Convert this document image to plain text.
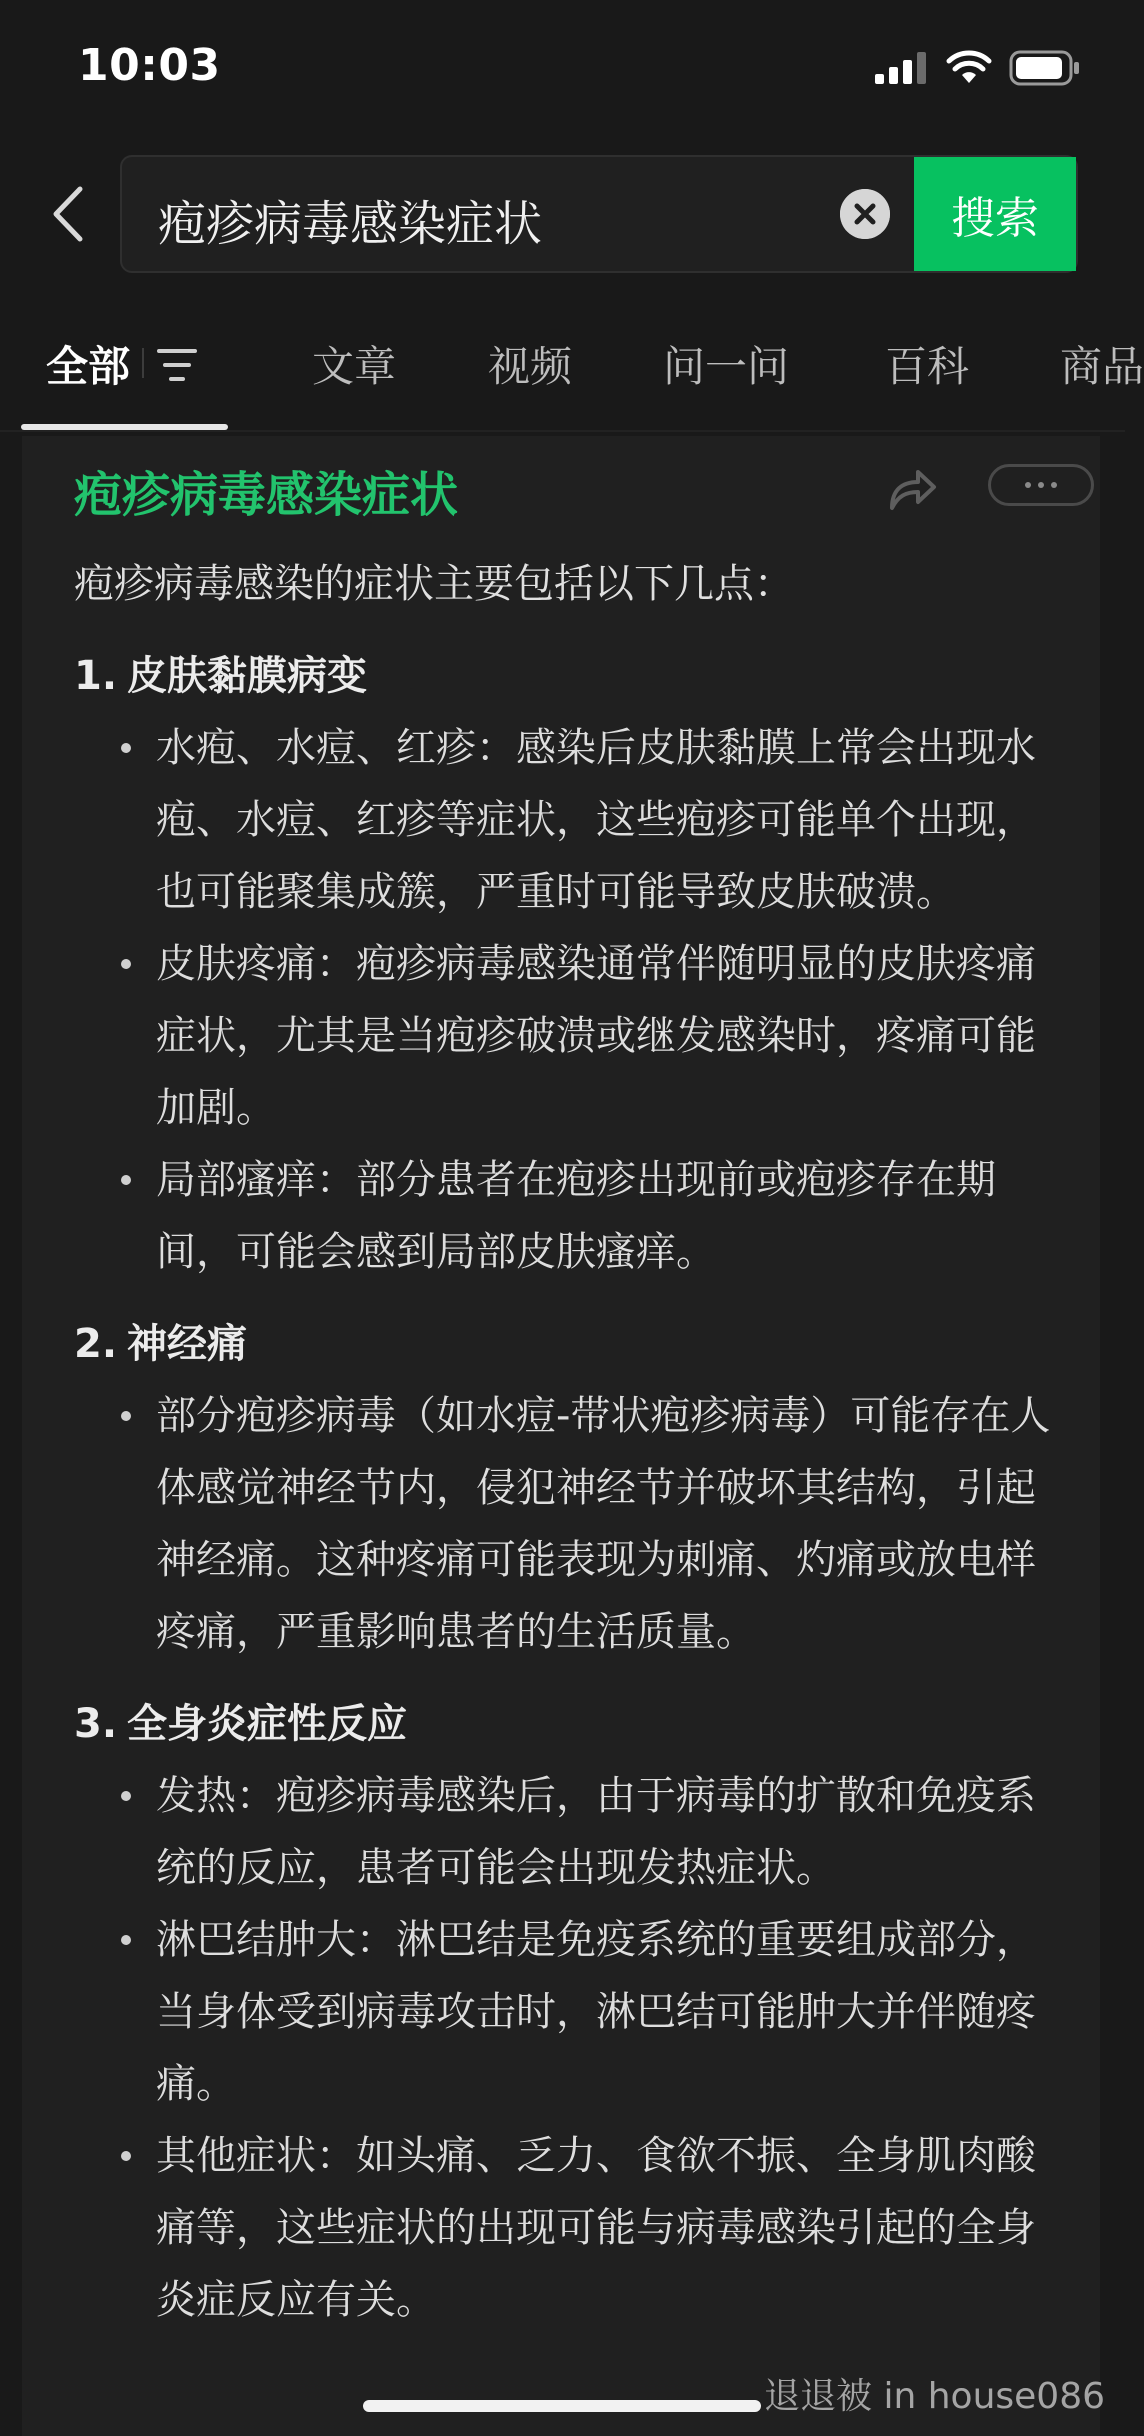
10:03
疱疹病毒感染症状	搜索
全部	文章 视频 问一问 百科 商品
疱疹病毒感染症状

疱疹病毒感染的症状主要包括以下几点：

1. 皮肤黏膜病变
水疱、水痘、红疹：感染后皮肤黏膜上常会出现水疱、水痘、红疹等症状，这些疱疹可能单个出现，也可能聚集成簇，严重时可能导致皮肤破溃。
皮肤疼痛：疱疹病毒感染通常伴随明显的皮肤疼痛症状，尤其是当疱疹破溃或继发感染时，疼痛可能加剧。
局部瘙痒：部分患者在疱疹出现前或疱疹存在期间，可能会感到局部皮肤瘙痒。
2. 神经痛
部分疱疹病毒（如水痘-带状疱疹病毒）可能存在人体感觉神经节内，侵犯神经节并破坏其结构，引起神经痛。这种疼痛可能表现为刺痛、灼痛或放电样疼痛，严重影响患者的生活质量。
3. 全身炎症性反应
发热：疱疹病毒感染后，由于病毒的扩散和免疫系统的反应，患者可能会出现发热症状。
淋巴结肿大：淋巴结是免疫系统的重要组成部分，当身体受到病毒攻击时，淋巴结可能肿大并伴随疼痛。
其他症状：如头痛、乏力、食欲不振、全身肌肉酸痛等，这些症状的出现可能与病毒感染引起的全身炎症反应有关。
退退被 in house086
